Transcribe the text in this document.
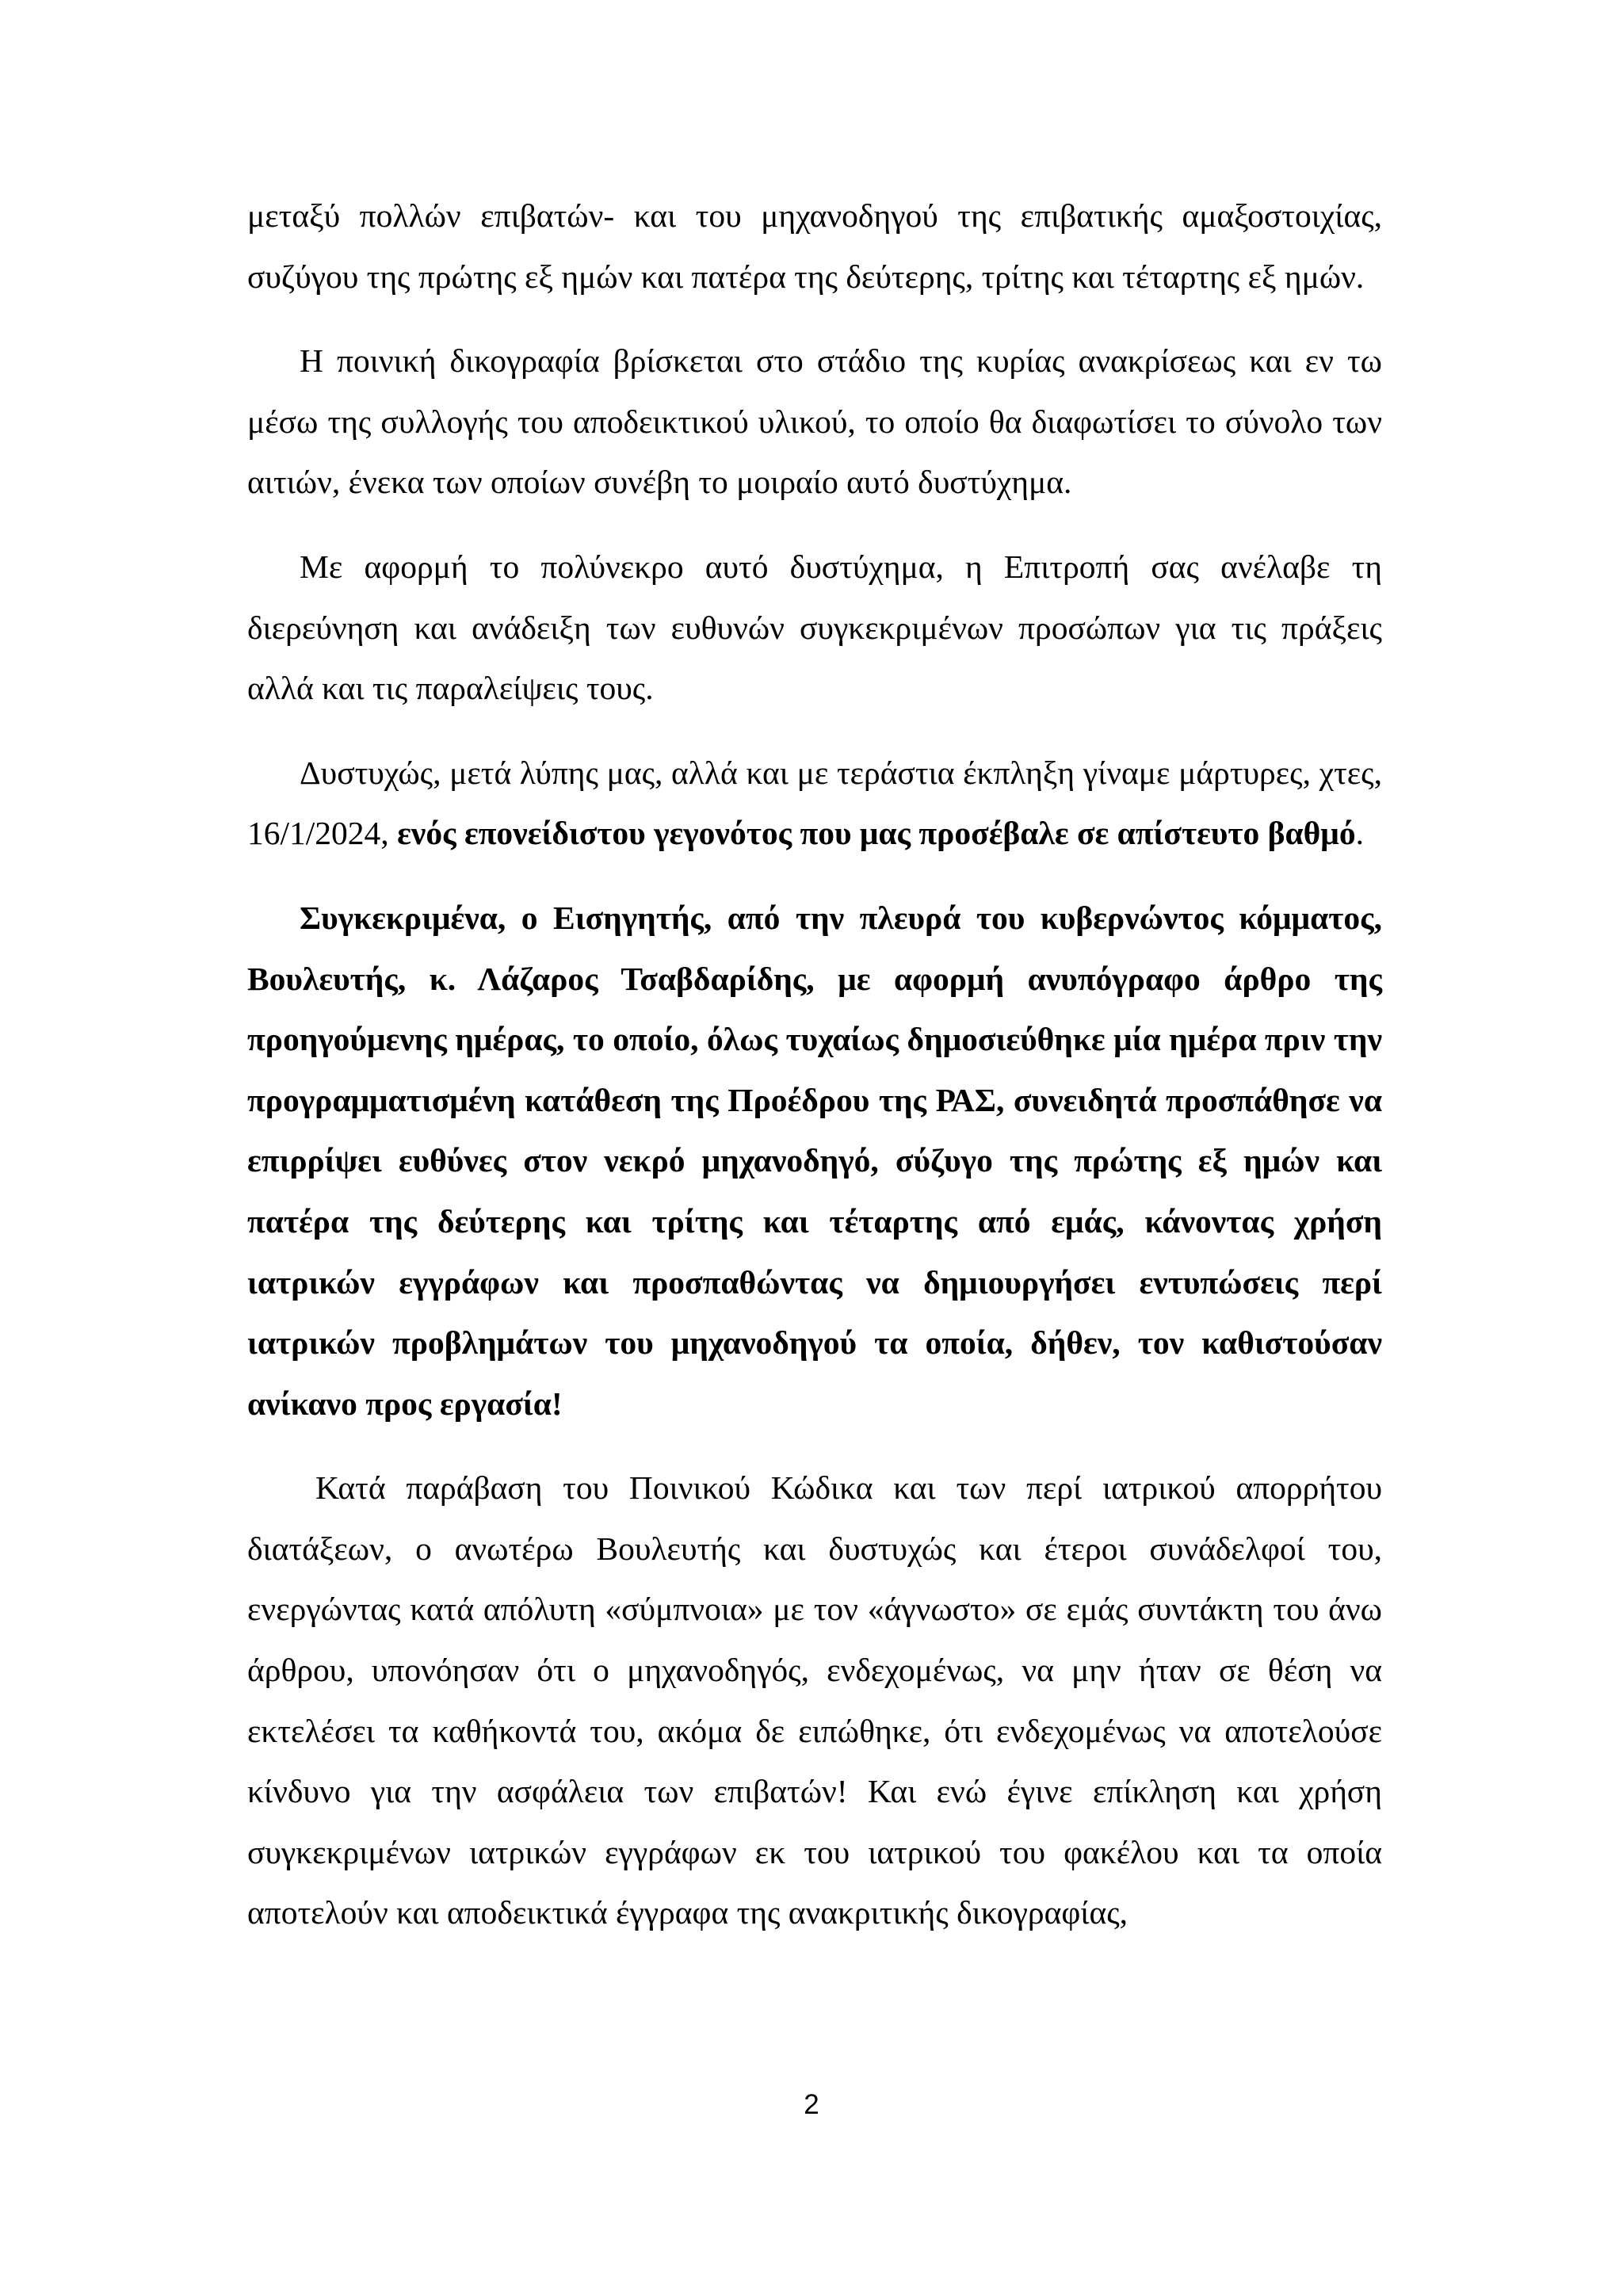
μεταξύ πολλών επιβατών- και του μηχανοδηγού της επιβατικής αμαξοστοιχίας, συζύγου της πρώτης εξ ημών και πατέρα της δεύτερης, τρίτης και τέταρτης εξ ημών.

Η ποινική δικογραφία βρίσκεται στο στάδιο της κυρίας ανακρίσεως και εν τω μέσω της συλλογής του αποδεικτικού υλικού, το οποίο θα διαφωτίσει το σύνολο των αιτιών, ένεκα των οποίων συνέβη το μοιραίο αυτό δυστύχημα.

Με αφορμή το πολύνεκρο αυτό δυστύχημα, η Επιτροπή σας ανέλαβε τη διερεύνηση και ανάδειξη των ευθυνών συγκεκριμένων προσώπων για τις πράξεις αλλά και τις παραλείψεις τους.

Δυστυχώς, μετά λύπης μας, αλλά και με τεράστια έκπληξη γίναμε μάρτυρες, χτες, 16/1/2024, ενός επονείδιστου γεγονότος που μας προσέβαλε σε απίστευτο βαθμό.

Συγκεκριμένα, ο Εισηγητής, από την πλευρά του κυβερνώντος κόμματος, Βουλευτής, κ. Λάζαρος Τσαβδαρίδης, με αφορμή ανυπόγραφο άρθρο της προηγούμενης ημέρας, το οποίο, όλως τυχαίως δημοσιεύθηκε μία ημέρα πριν την προγραμματισμένη κατάθεση της Προέδρου της ΡΑΣ, συνειδητά προσπάθησε να επιρρίψει ευθύνες στον νεκρό μηχανοδηγό, σύζυγο της πρώτης εξ ημών και πατέρα της δεύτερης και τρίτης και τέταρτης από εμάς, κάνοντας χρήση ιατρικών εγγράφων και προσπαθώντας να δημιουργήσει εντυπώσεις περί ιατρικών προβλημάτων του μηχανοδηγού τα οποία, δήθεν, τον καθιστούσαν ανίκανο προς εργασία!

Κατά παράβαση του Ποινικού Κώδικα και των περί ιατρικού απορρήτου διατάξεων, ο ανωτέρω Βουλευτής και δυστυχώς και έτεροι συνάδελφοί του, ενεργώντας κατά απόλυτη «σύμπνοια» με τον «άγνωστο» σε εμάς συντάκτη του άνω άρθρου, υπονόησαν ότι ο μηχανοδηγός, ενδεχομένως, να μην ήταν σε θέση να εκτελέσει τα καθήκοντά του, ακόμα δε ειπώθηκε, ότι ενδεχομένως να αποτελούσε κίνδυνο για την ασφάλεια των επιβατών! Και ενώ έγινε επίκληση και χρήση συγκεκριμένων ιατρικών εγγράφων εκ του ιατρικού του φακέλου και τα οποία αποτελούν και αποδεικτικά έγγραφα της ανακριτικής δικογραφίας,

2
